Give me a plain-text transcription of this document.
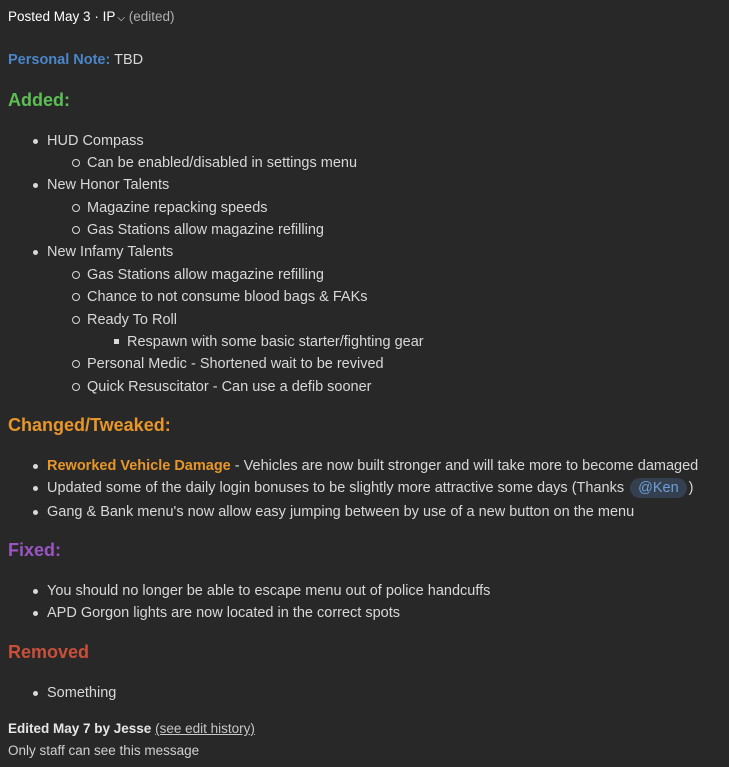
Posted May 3 · IP ⌵ (edited)
Personal Note: TBD
Added:
HUD Compass
Can be enabled/disabled in settings menu
New Honor Talents
Magazine repacking speeds
Gas Stations allow magazine refilling
New Infamy Talents
Gas Stations allow magazine refilling
Chance to not consume blood bags & FAKs
Ready To Roll
Respawn with some basic starter/fighting gear
Personal Medic - Shortened wait to be revived
Quick Resuscitator - Can use a defib sooner
Changed/Tweaked:
Reworked Vehicle Damage - Vehicles are now built stronger and will take more to become damaged
Updated some of the daily login bonuses to be slightly more attractive some days (Thanks @Ken )
Gang & Bank menu's now allow easy jumping between by use of a new button on the menu
Fixed:
You should no longer be able to escape menu out of police handcuffs
APD Gorgon lights are now located in the correct spots
Removed
Something
Edited May 7 by Jesse (see edit history)
Only staff can see this message
